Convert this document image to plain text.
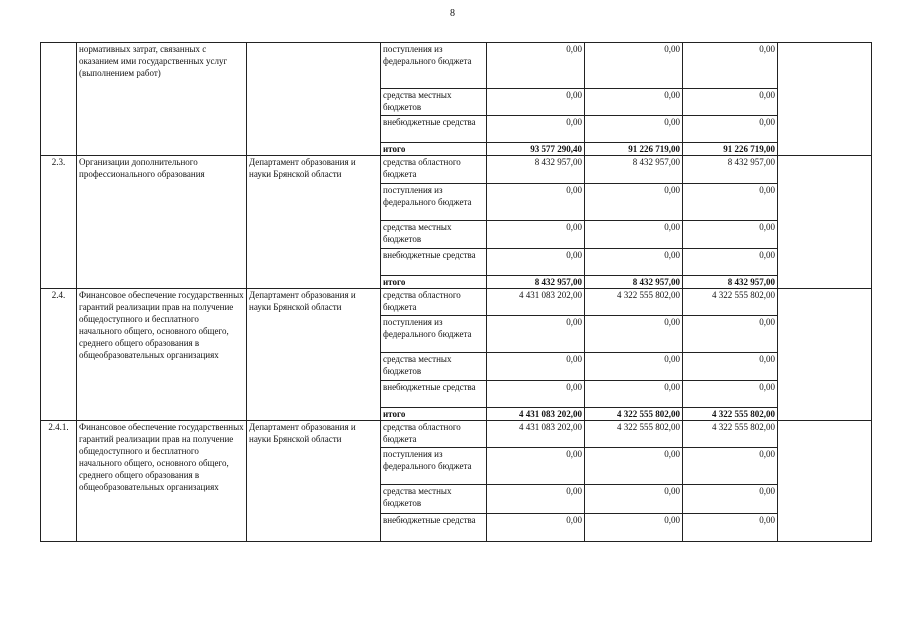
8
	нормативных затрат, связанных с оказанием ими государственных услуг (выполнением работ)		поступления из федерального бюджета	0,00	0,00	0,00	
			средства местных бюджетов	0,00	0,00	0,00	
			внебюджетные средства	0,00	0,00	0,00	
			итого	93 577 290,40	91 226 719,00	91 226 719,00	
2.3.	Организации дополнительного профессионального образования	Департамент образования и науки Брянской области	средства областного бюджета	8 432 957,00	8 432 957,00	8 432 957,00	
			поступления из федерального бюджета	0,00	0,00	0,00	
			средства местных бюджетов	0,00	0,00	0,00	
			внебюджетные средства	0,00	0,00	0,00	
			итого	8 432 957,00	8 432 957,00	8 432 957,00	
2.4.	Финансовое обеспечение государственных гарантий реализации прав на получение общедоступного и бесплатного начального общего, основного общего, среднего общего образования в общеобразовательных организациях	Департамент образования и науки Брянской области	средства областного бюджета	4 431 083 202,00	4 322 555 802,00	4 322 555 802,00	
			поступления из федерального бюджета	0,00	0,00	0,00	
			средства местных бюджетов	0,00	0,00	0,00	
			внебюджетные средства	0,00	0,00	0,00	
			итого	4 431 083 202,00	4 322 555 802,00	4 322 555 802,00	
2.4.1.	Финансовое обеспечение государственных гарантий реализации прав на получение общедоступного и бесплатного начального общего, основного общего, среднего общего образования в общеобразовательных организациях	Департамент образования и науки Брянской области	средства областного бюджета	4 431 083 202,00	4 322 555 802,00	4 322 555 802,00	
			поступления из федерального бюджета	0,00	0,00	0,00	
			средства местных бюджетов	0,00	0,00	0,00	
			внебюджетные средства	0,00	0,00	0,00	
